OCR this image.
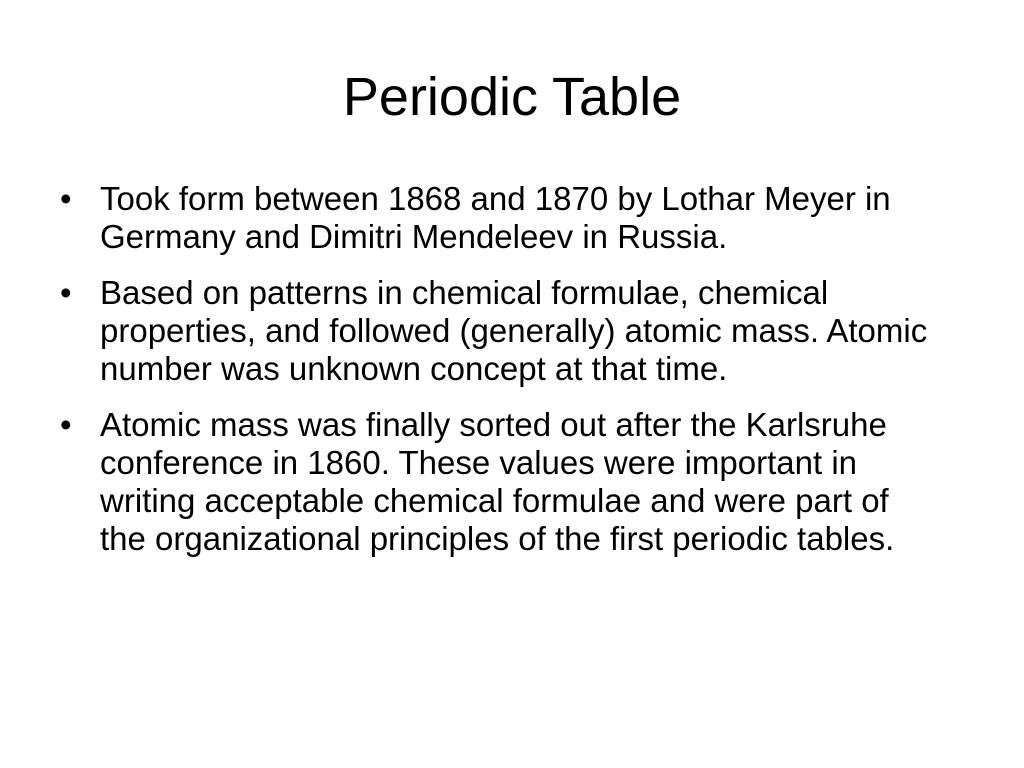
Periodic Table
• Took form between 1868 and 1870 by Lothar Meyer in Germany and Dimitri Mendeleev in Russia.
• Based on patterns in chemical formulae, chemical properties, and followed (generally) atomic mass. Atomic number was unknown concept at that time.
• Atomic mass was finally sorted out after the Karlsruhe conference in 1860. These values were important in writing acceptable chemical formulae and were part of the organizational principles of the first periodic tables.
